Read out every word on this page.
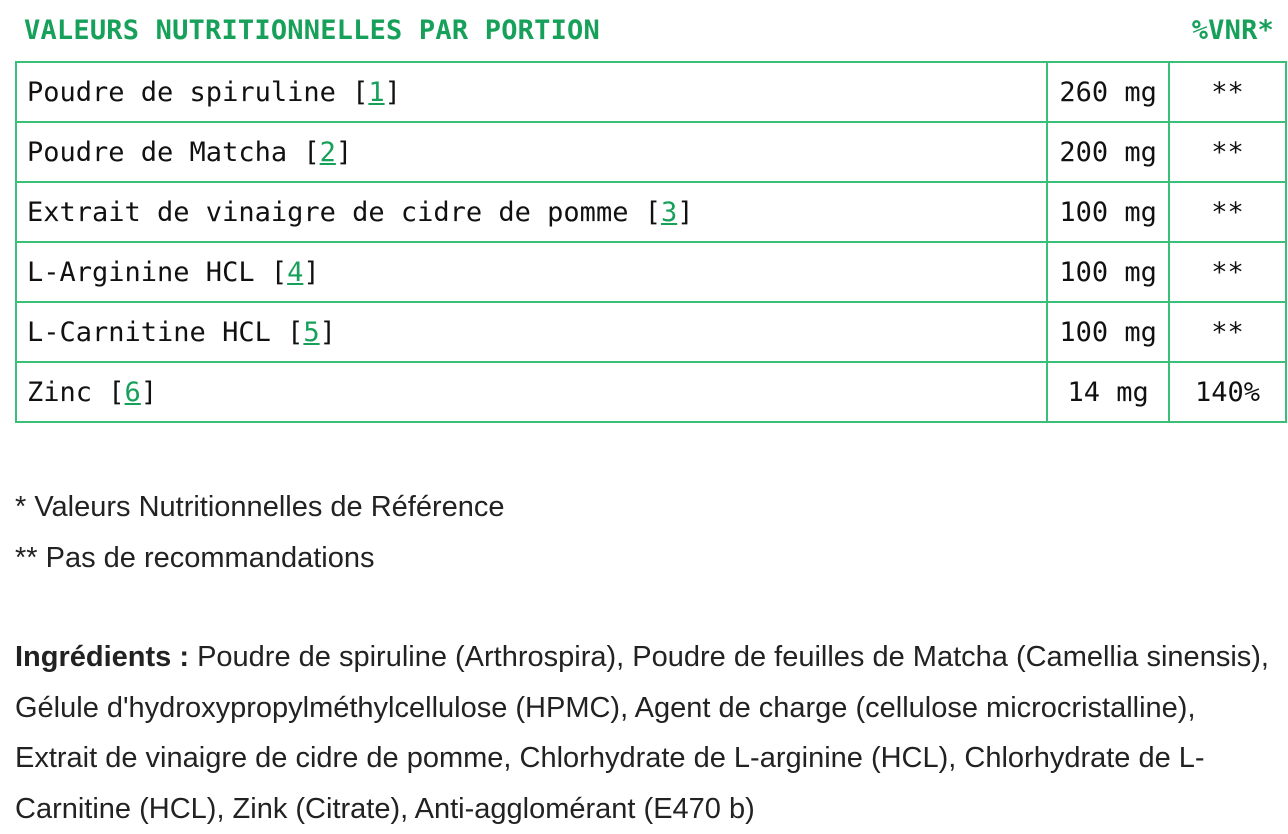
VALEURS NUTRITIONNELLES PAR PORTION	%VNR*
Poudre de spiruline [1]	260 mg	**
Poudre de Matcha [2]	200 mg	**
Extrait de vinaigre de cidre de pomme [3]	100 mg	**
L-Arginine HCL [4]	100 mg	**
L-Carnitine HCL [5]	100 mg	**
Zinc [6]	14 mg	140%

* Valeurs Nutritionnelles de Référence

** Pas de recommandations

Ingrédients : Poudre de spiruline (Arthrospira), Poudre de feuilles de Matcha (Camellia sinensis), Gélule d'hydroxypropylméthylcellulose (HPMC), Agent de charge (cellulose microcristalline), Extrait de vinaigre de cidre de pomme, Chlorhydrate de L-arginine (HCL), Chlorhydrate de L-Carnitine (HCL), Zink (Citrate), Anti-agglomérant (E470 b)
